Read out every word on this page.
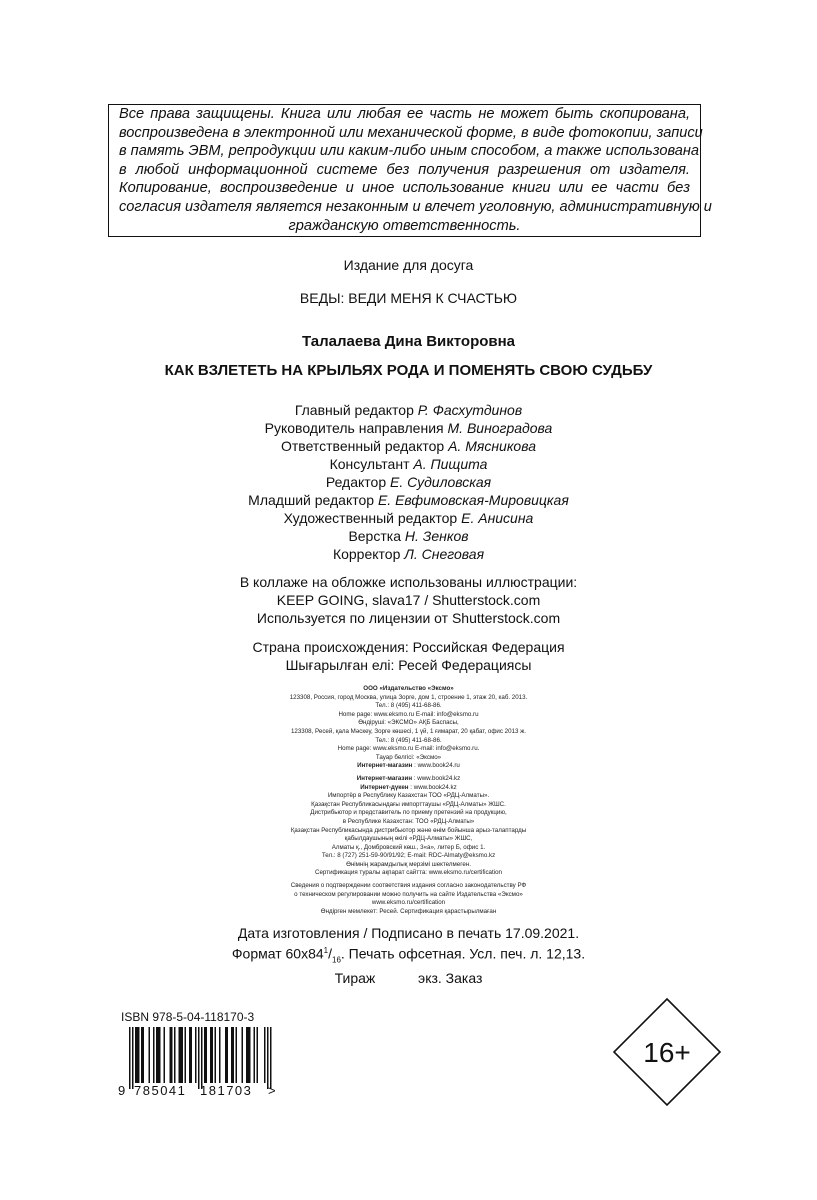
Все права защищены. Книга или любая ее часть не может быть скопирована,
воспроизведена в электронной или механической форме, в виде фотокопии, записи
в память ЭВМ, репродукции или каким-либо иным способом, а также использована
в любой информационной системе без получения разрешения от издателя.
Копирование, воспроизведение и иное использование книги или ее части без
согласия издателя является незаконным и влечет уголовную, административную и
гражданскую ответственность.
Издание для досуга
ВЕДЫ: ВЕДИ МЕНЯ К СЧАСТЬЮ
Талалаева Дина Викторовна
КАК ВЗЛЕТЕТЬ НА КРЫЛЬЯХ РОДА И ПОМЕНЯТЬ СВОЮ СУДЬБУ
Главный редактор Р. Фасхутдинов
Руководитель направления М. Виноградова
Ответственный редактор А. Мясникова
Консультант А. Пищита
Редактор Е. Судиловская
Младший редактор Е. Евфимовская-Мировицкая
Художественный редактор Е. Анисина
Верстка Н. Зенков
Корректор Л. Снеговая
В коллаже на обложке использованы иллюстрации:
KEEP GOING, slava17 / Shutterstock.com
Используется по лицензии от Shutterstock.com
Страна происхождения: Российская Федерация
Шығарылған елі: Ресей Федерациясы
ООО «Издательство «Эксмо»
123308, Россия, город Москва, улица Зорге, дом 1, строение 1, этаж 20, каб. 2013.
Тел.: 8 (495) 411-68-86.
Home page: www.eksmo.ru E-mail: info@eksmo.ru
Өндіруші: «ЭКСМО» АҚБ Баспасы,
123308, Ресей, қала Мәскеу, Зорге көшесі, 1 үй, 1 ғимарат, 20 қабат, офис 2013 ж.
Тел.: 8 (495) 411-68-86.
Home page: www.eksmo.ru E-mail: info@eksmo.ru.
Тауар белгісі: «Эксмо»
Интернет-магазин : www.book24.ru
Интернет-магазин : www.book24.kz
Интернет-дүкен : www.book24.kz
Импортёр в Республику Казахстан ТОО «РДЦ-Алматы».
Қазақстан Республикасындағы импорттаушы «РДЦ-Алматы» ЖШС.
Дистрибьютор и представитель по приему претензий на продукцию,
в Республике Казахстан: ТОО «РДЦ-Алматы»
Қазақстан Республикасында дистрибьютор және өнім бойынша арыз-талаптарды
қабылдаушының өкілі «РДЦ-Алматы» ЖШС,
Алматы қ., Домбровский көш., 3«а», литер Б, офис 1.
Тел.: 8 (727) 251-59-90/91/92; E-mail: RDC-Almaty@eksmo.kz
Өнімнің жарамдылық мерзімі шектелмеген.
Сертификация туралы ақпарат сайтта: www.eksmo.ru/certification
Сведения о подтверждении соответствия издания согласно законодательству РФ
о техническом регулировании можно получить на сайте Издательства «Эксмо»
www.eksmo.ru/certification
Өндірген мемлекет: Ресей. Сертификация қарастырылмаған
Дата изготовления / Подписано в печать 17.09.2021.
Формат $60x84^1/_{16}$. Печать офсетная. Усл. печ. л. 12,13.
Тираж           экз. Заказ
ISBN 978-5-04-118170-3
9 785041 181703 >
16+
